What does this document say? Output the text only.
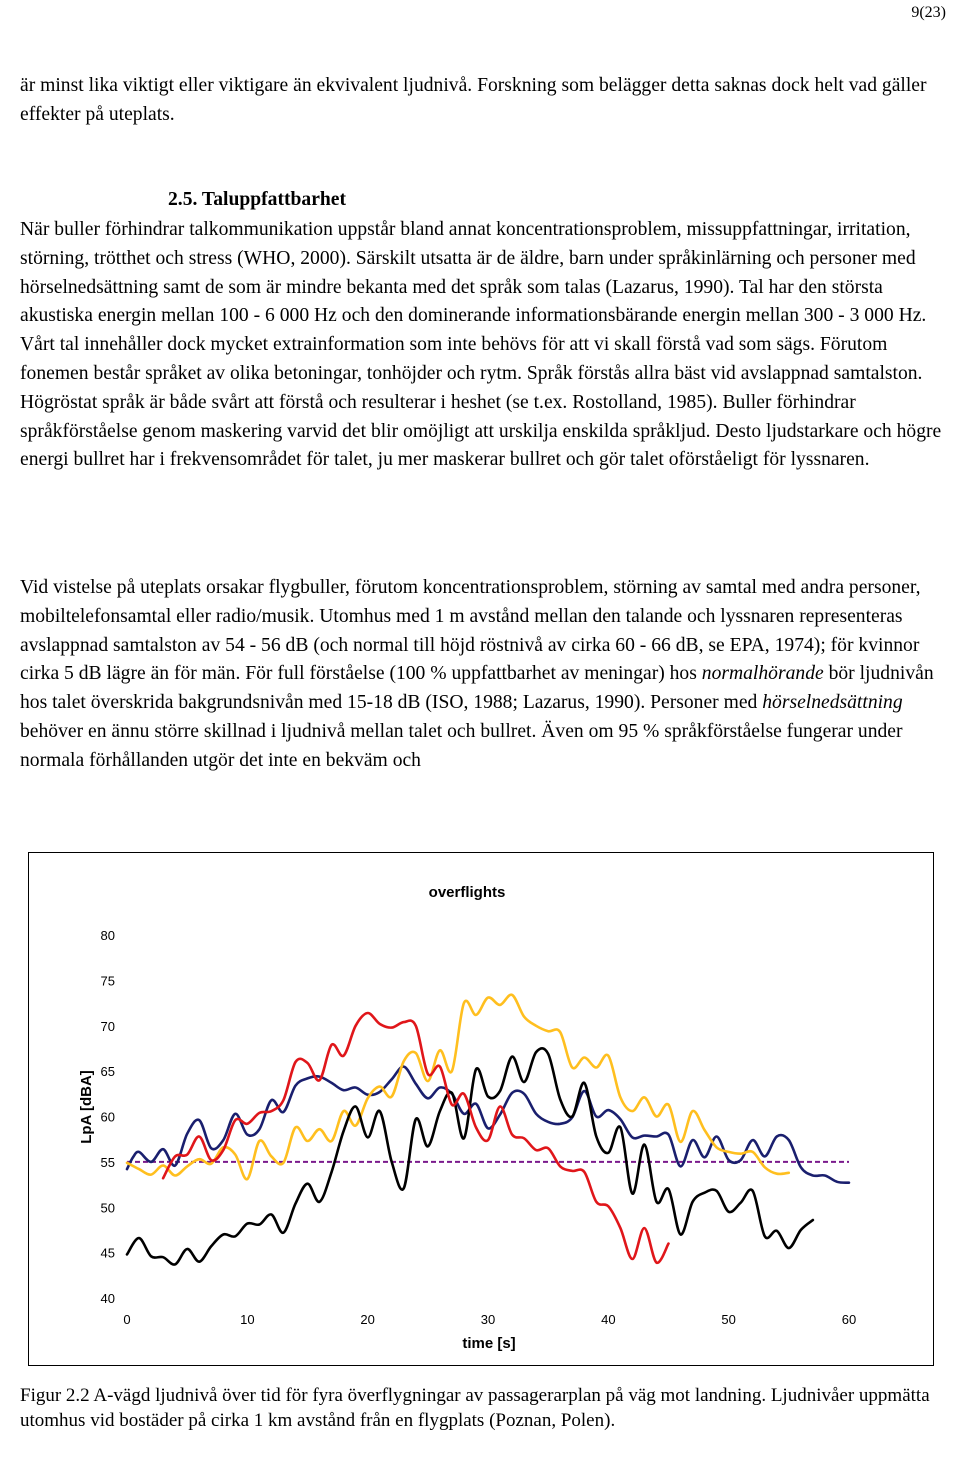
9(23)

är minst lika viktigt eller viktigare än ekvivalent ljudnivå. Forskning som belägger detta saknas dock helt vad gäller effekter på uteplats.

2.5. Taluppfattbarhet

När buller förhindrar talkommunikation uppstår bland annat koncentrationsproblem, missuppfattningar, irritation, störning, trötthet och stress (WHO, 2000). Särskilt utsatta är de äldre, barn under språkinlärning och personer med hörselnedsättning samt de som är mindre bekanta med det språk som talas (Lazarus, 1990). Tal har den största akustiska energin mellan 100 - 6 000 Hz och den dominerande informationsbärande energin mellan 300 - 3 000 Hz. Vårt tal innehåller dock mycket extrainformation som inte behövs för att vi skall förstå vad som sägs. Förutom fonemen består språket av olika betoningar, tonhöjder och rytm. Språk förstås allra bäst vid avslappnad samtalston. Högröstat språk är både svårt att förstå och resulterar i heshet (se t.ex. Rostolland, 1985). Buller förhindrar språkförståelse genom maskering varvid det blir omöjligt att urskilja enskilda språkljud. Desto ljudstarkare och högre energi bullret har i frekvensområdet för talet, ju mer maskerar bullret och gör talet oförståeligt för lyssnaren.

Vid vistelse på uteplats orsakar flygbuller, förutom koncentrationsproblem, störning av samtal med andra personer, mobiltelefonsamtal eller radio/musik. Utomhus med 1 m avstånd mellan den talande och lyssnaren representeras avslappnad samtalston av 54 - 56 dB (och normal till höjd röstnivå av cirka 60 - 66 dB, se EPA, 1974); för kvinnor cirka 5 dB lägre än för män. För full förståelse (100 % uppfattbarhet av meningar) hos normalhörande bör ljudnivån hos talet överskrida bakgrundsnivån med 15-18 dB (ISO, 1988; Lazarus, 1990). Personer med hörselnedsättning behöver en ännu större skillnad i ljudnivå mellan talet och bullret. Även om 95 % språkförståelse fungerar under normala förhållanden utgör det inte en bekväm och

overflights
time [s]
LpA [dBA]
40
45
50
55
60
65
70
75
80
0	10	20	30	40	50	60

Figur 2.2 A-vägd ljudnivå över tid för fyra överflygningar av passagerarplan på väg mot landning. Ljudnivåer uppmätta utomhus vid bostäder på cirka 1 km avstånd från en flygplats (Poznan, Polen).
